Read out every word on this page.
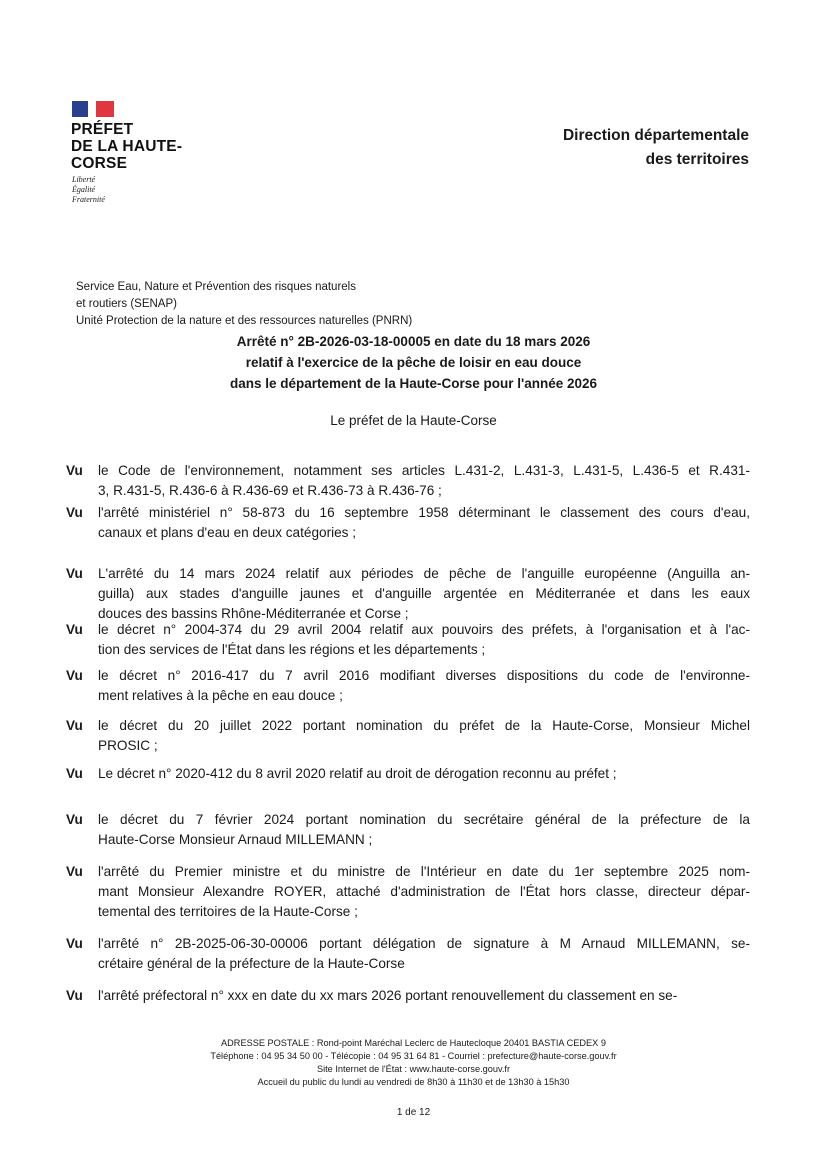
PRÉFET
DE LA HAUTE-
CORSE
Liberté
Égalité
Fraternité
Direction départementale
des territoires
Service Eau, Nature et Prévention des risques naturels
et routiers (SENAP)
Unité Protection de la nature et des ressources naturelles (PNRN)
Arrêté n° 2B-2026-03-18-00005 en date du 18 mars 2026
relatif à l'exercice de la pêche de loisir en eau douce
dans le département de la Haute-Corse pour l'année 2026
Le préfet de la Haute-Corse
Vu le Code de l'environnement, notamment ses articles L.431-2, L.431-3, L.431-5, L.436-5 et R.431-
3, R.431-5, R.436-6 à R.436-69 et R.436-73 à R.436-76 ;
Vu l'arrêté ministériel n° 58-873 du 16 septembre 1958 déterminant le classement des cours d'eau,
canaux et plans d'eau en deux catégories ;
Vu L'arrêté du 14 mars 2024 relatif aux périodes de pêche de l'anguille européenne (Anguilla an-
guilla) aux stades d'anguille jaunes et d'anguille argentée en Méditerranée et dans les eaux
douces des bassins Rhône-Méditerranée et Corse ;
Vu le décret n° 2004-374 du 29 avril 2004 relatif aux pouvoirs des préfets, à l'organisation et à l'ac-
tion des services de l'État dans les régions et les départements ;
Vu le décret n° 2016-417 du 7 avril 2016 modifiant diverses dispositions du code de l'environne-
ment relatives à la pêche en eau douce ;
Vu le décret du 20 juillet 2022 portant nomination du préfet de la Haute-Corse, Monsieur Michel
PROSIC ;
Vu Le décret n° 2020-412 du 8 avril 2020 relatif au droit de dérogation reconnu au préfet ;
Vu le décret du 7 février 2024 portant nomination du secrétaire général de la préfecture de la
Haute-Corse Monsieur Arnaud MILLEMANN ;
Vu l'arrêté du Premier ministre et du ministre de l'Intérieur en date du 1er septembre 2025 nom-
mant Monsieur Alexandre ROYER, attaché d'administration de l'État hors classe, directeur dépar-
temental des territoires de la Haute-Corse ;
Vu l'arrêté n° 2B-2025-06-30-00006 portant délégation de signature à M Arnaud MILLEMANN, se-
crétaire général de la préfecture de la Haute-Corse
Vu l'arrêté préfectoral n° xxx en date du xx mars 2026 portant renouvellement du classement en se-
ADRESSE POSTALE : Rond-point Maréchal Leclerc de Hautecloque 20401 BASTIA CEDEX 9
Téléphone : 04 95 34 50 00 - Télécopie : 04 95 31 64 81 - Courriel : prefecture@haute-corse.gouv.fr
Site Internet de l'État : www.haute-corse.gouv.fr
Accueil du public du lundi au vendredi de 8h30 à 11h30 et de 13h30 à 15h30
1 de 12
